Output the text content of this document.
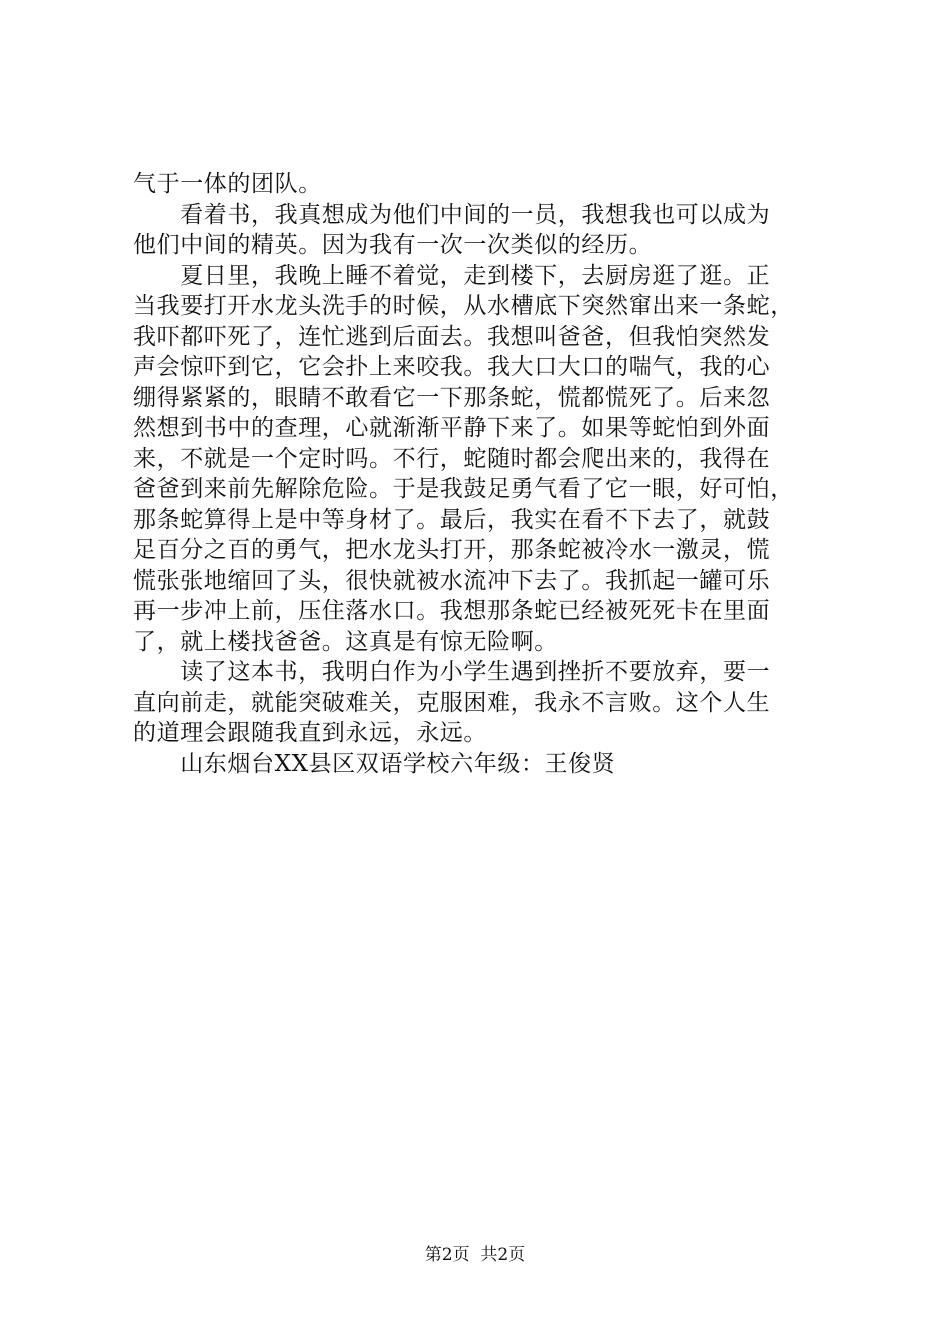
气于一体的团队。
　　看着书，我真想成为他们中间的一员，我想我也可以成为
他们中间的精英。因为我有一次一次类似的经历。
　　夏日里，我晚上睡不着觉，走到楼下，去厨房逛了逛。正
当我要打开水龙头洗手的时候，从水槽底下突然窜出来一条蛇，
我吓都吓死了，连忙逃到后面去。我想叫爸爸，但我怕突然发
声会惊吓到它，它会扑上来咬我。我大口大口的喘气，我的心
绷得紧紧的，眼睛不敢看它一下那条蛇，慌都慌死了。后来忽
然想到书中的查理，心就渐渐平静下来了。如果等蛇怕到外面
来，不就是一个定时吗。不行，蛇随时都会爬出来的，我得在
爸爸到来前先解除危险。于是我鼓足勇气看了它一眼，好可怕，
那条蛇算得上是中等身材了。最后，我实在看不下去了，就鼓
足百分之百的勇气，把水龙头打开，那条蛇被冷水一激灵，慌
慌张张地缩回了头，很快就被水流冲下去了。我抓起一罐可乐
再一步冲上前，压住落水口。我想那条蛇已经被死死卡在里面
了，就上楼找爸爸。这真是有惊无险啊。
　　读了这本书，我明白作为小学生遇到挫折不要放弃，要一
直向前走，就能突破难关，克服困难，我永不言败。这个人生
的道理会跟随我直到永远，永远。
　　山东烟台XX县区双语学校六年级：王俊贤
第2页  共2页
